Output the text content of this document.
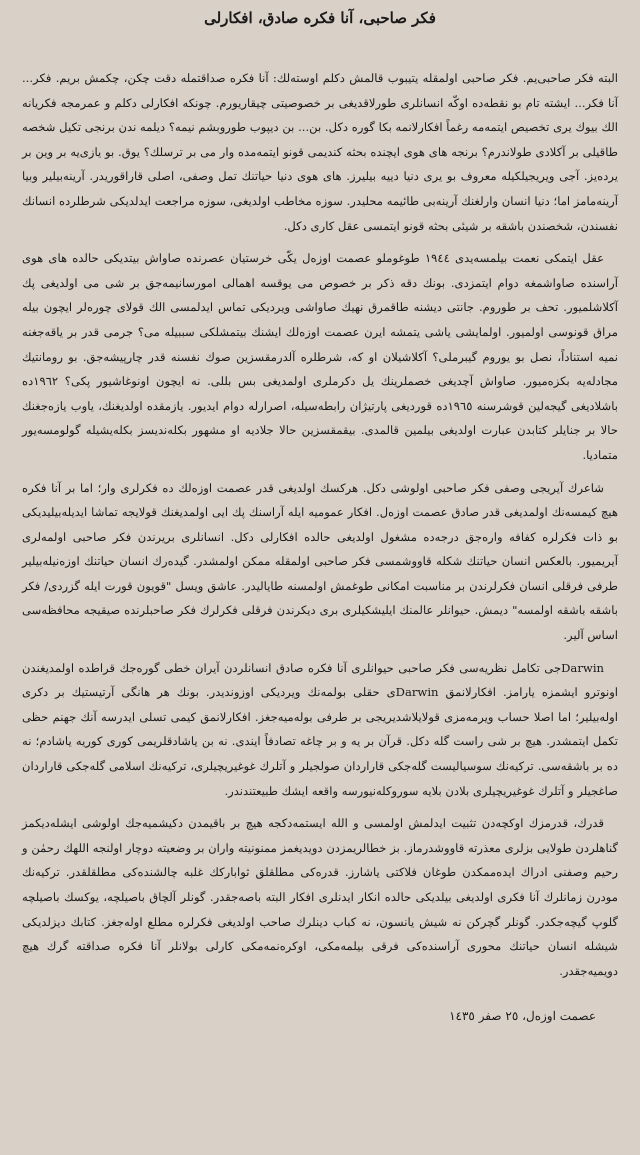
فكر صاحبى، آنا فكره صادق، افكارلى

البته فكر صاحبى‌يم. فكر صاحبى اولمقله يتيبوب قالمش دكلم اوسته‌لك: آنا فكره صداقتمله دقت چكن، چكمش بريم. فكر... آنا فكر... ايشته تام بو نقطه‌ده اوكّه انسانلرى طورلاقديغى بر خصوصيتى چيقاريورم. چونكه افكارلى دكلم و عمرمجه فكريانه الك بيوك يرى تخصيص ايتمه‌مه رغماً افكارلانمه بكا گوره دكل. بن... بن ديپوب طوروبشم نيمه؟ ديلمه ندن برنجى تكيل شخصه طاقيلى بر آكلادى طولاندرم؟ برنجه هاى هوى ايچنده بحثه كنديمى قونو ايتمه‌مده وار مى بر ترسلك؟ يوق. بو يازى‌يه بر وين بر يرده‌يز. آجى ويريجيلكيله معروف بو يرى دنيا دييه بيليرز. هاى هوى دنيا حياتنك تمل وصفى، اصلى قاراقوريدر. آرينه‌بيلير وبيا آرينه‌مامز اما؛ دنيا انسان وارلغنك آرينه‌بى طائيمه محليدر. سوزه مخاطب اولديغى، سوزه مراجعت ايدلديكى شرطلرده انسانك نفسندن، شخصندن باشقه بر شيئى بحثه قونو ايتمسى عقل كارى دكل.

عقل ايتمكى نعمت بيلمسه‌يدى ١٩٤٤ طوغوملو عصمت اوزه‌ل يكّى خرستيان عصرنده صاواش بيتديكى حالده هاى هوى آراسنده صاواشمغه دوام ايتمزدى. بونك دقه ذكر بر خصوص مى يوقسه اهمالى امورسانيمه‌جق بر شى مى اولديغى پك آكلاشلميور. تحف بر طوروم. جانتى ديشنه طاقمرق نهيك صاواشى ويرديكى تماس ايدلمسى الك قولاى چوره‌لر ايچون بيله مراق قونوسى اولميور. اولمايشى ياشى يتمشه ايرن عصمت اوزه‌لك ايشنك بيتمشلكى سببيله مى؟ جرمى قدر بر ياقه‌جغنه نميه استناداً، نصل بو يوروم گيبرملى؟ آكلاشيلان او كه، شرطلره آلدرمقسزين صوك نفسنه قدر چارپيشه‌جق. بو رومانتيك مجادله‌يه بكزه‌ميور. صاواش آچديغى خصملرينك يل دكرملرى اولمديغى بس بللى. نه ايچون اونوغاشيور پكى؟ ١٩٦٢ده باشلاديغى گيجه‌لين قوشرسنه ١٩٦٥ده قورديغى پارتيژان رابطه‌سيله، اصرارله دوام ايديور. يازمقده اولديغنك، ياوب يازه‌جغنك حالا بر جنايلر كتابدن عبارت اولديغى بيلمين قالمدى. بيقمقسزين حالا جلاديه او مشهور بكله‌نديسز بكله‌يشيله گولومسه‌يور متماديا.

شاعرك آيريجى وصفى فكر صاحبى اولوشى دكل. هركسك اولديغى قدر عصمت اوزه‌لك ده فكرلرى وار؛ اما بر آنا فكره هيچ كيمسه‌نك اولمديغى قدر صادق عصمت اوزه‌ل. افكار عموميه ايله آراسنك پك ايى اولمديغنك قولايجه تماشا ايديله‌بيليديكى بو ذات فكرلره كفافه واره‌جق درجه‌ده مشغول اولديغى حالده افكارلى دكل. انسانلرى بريرندن فكر صاحبى اولمه‌لرى آيريميور. بالعكس انسان حياتنك شكله قاووشمسى فكر صاحبى اولمقله ممكن اولمشدر. گيده‌رك انسان حياتنك اوزه‌نيله‌بيلير طرفى فرقلى انسان فكرلرندن بر مناسبت امكانى طوغمش اولمسنه طاياليدر. عاشق ويسل "قويون قورت ايله گزردى/ فكر باشقه باشقه اولمسه" ديمش. حيوانلر عالمنك ايليشكيلرى برى ديكرندن فرقلى فكرلرك فكر صاحبلرنده صيقيجه محافظه‌سى اساس آلير.

Darwin‌جى تكامل نظريه‌سى فكر صاحبى حيوانلرى آنا فكره صادق انسانلردن آيران خطى گوره‌جك قراطده اولمديغندن اونوترو ايشمزه يارامز. افكارلانمق Darwinى حقلى بولمه‌نك ويرديكى اوزونديدر. بونك هر هانگى آرتيستيك بر دكرى اوله‌بيلير؛ اما اصلا حساب ويرمه‌مزى قولايلاشديريجى بر طرفى بوله‌ميه‌جغز. افكارلانمق كيمى تسلى ايدرسه آنك جهنم حظى تكمل ايتمشدر. هيچ بر شى راست گله دكل. قرآن بر يه و بر چاغه تصادفاً ايندى. نه بن ياشادقلريمى كورى كوريه ياشادم؛ نه ده بر باشقه‌سى. تركيه‌نك سوسياليست گله‌جكى قاراردان صولجيلر و آتلرك غوغيريچيلرى، تركيه‌نك اسلامى گله‌جكى قاراردان صاغجيلر و آتلرك غوغيريچيلرى بلادن بلايه سوروكله‌نيورسه واقعه ايشك طبيعتندندر.

قدرك، قدرمزك اوكچه‌دن تثبيت ايدلمش اولمسى و الله ايستمه‌دكجه هيچ بر باقيمدن دكيشميه‌جك اولوشى ايشله‌ديكمز گناهلردن طولايى بزلرى معذرته قاووشدرماز. بز خطالريمزدن دويديغمز ممنونيته واران بر وضعيته دوچار اولنجه اللهك رحمٰن و رحيم وصفنى ادراك ايده‌ممكدن طوغان فلاكتى ياشارز. قدره‌كى مطلقلق ثواباركك غلبه چالشنده‌كى مطلقلقدر. تركيه‌نك مودرن زمانلرك آنا فكرى اولديغى بيلديكى حالده انكار ايدنلرى افكار البته باصه‌جقدر. گونلر آلچاق باصيلچه، يوكسك باصيلچه گلوپ گيچه‌جكدر. گونلر گچركن نه شيش يانسون، نه كباب دينلرك صاحب اولديغى فكرلره مطلع اوله‌جغز. كتابك ديزلديكى شيشله انسان حياتنك محورى آراسنده‌كى فرقى بيلمه‌مكى، اوكره‌نمه‌مكى كارلى بولانلر آنا فكره صداقته گرك هيچ دويميه‌جقدر.

عصمت اوزه‌ل، ٢٥ صفر ١٤٣٥
